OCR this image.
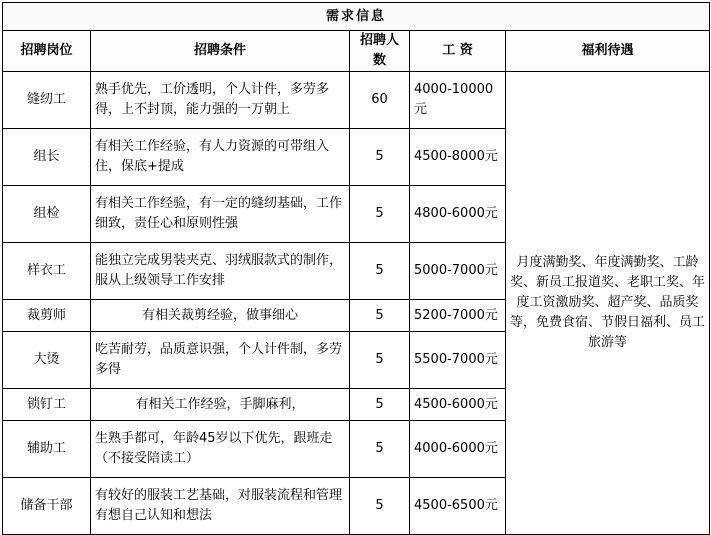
需求信息				
招聘岗位	招聘条件	招聘人数	工 资	福利待遇
缝纫工	熟手优先，工价透明，个人计件，多劳多得，上不封顶，能力强的一万朝上	60	4000-10000元	月度满勤奖、年度满勤奖、工龄奖、新员工报道奖、老职工奖、年度工资激励奖、超产奖、品质奖等，免费食宿、节假日福利、员工旅游等
组长	有相关工作经验，有人力资源的可带组入住，保底+提成	5	4500-8000元	
组检	有相关工作经验，有一定的缝纫基础，工作细致，责任心和原则性强	5	4800-6000元	
样衣工	能独立完成男装夹克、羽绒服款式的制作，服从上级领导工作安排	5	5000-7000元	
裁剪师	有相关裁剪经验，做事细心	5	5200-7000元	
大烫	吃苦耐劳，品质意识强，个人计件制，多劳多得	5	5500-7000元	
锁钉工	有相关工作经验，手脚麻利，	5	4500-6000元	
辅助工	生熟手都可，年龄45岁以下优先，跟班走（不接受陪读工）	5	4000-6000元	
储备干部	有较好的服装工艺基础，对服装流程和管理有想自己认知和想法	5	4500-6500元	
